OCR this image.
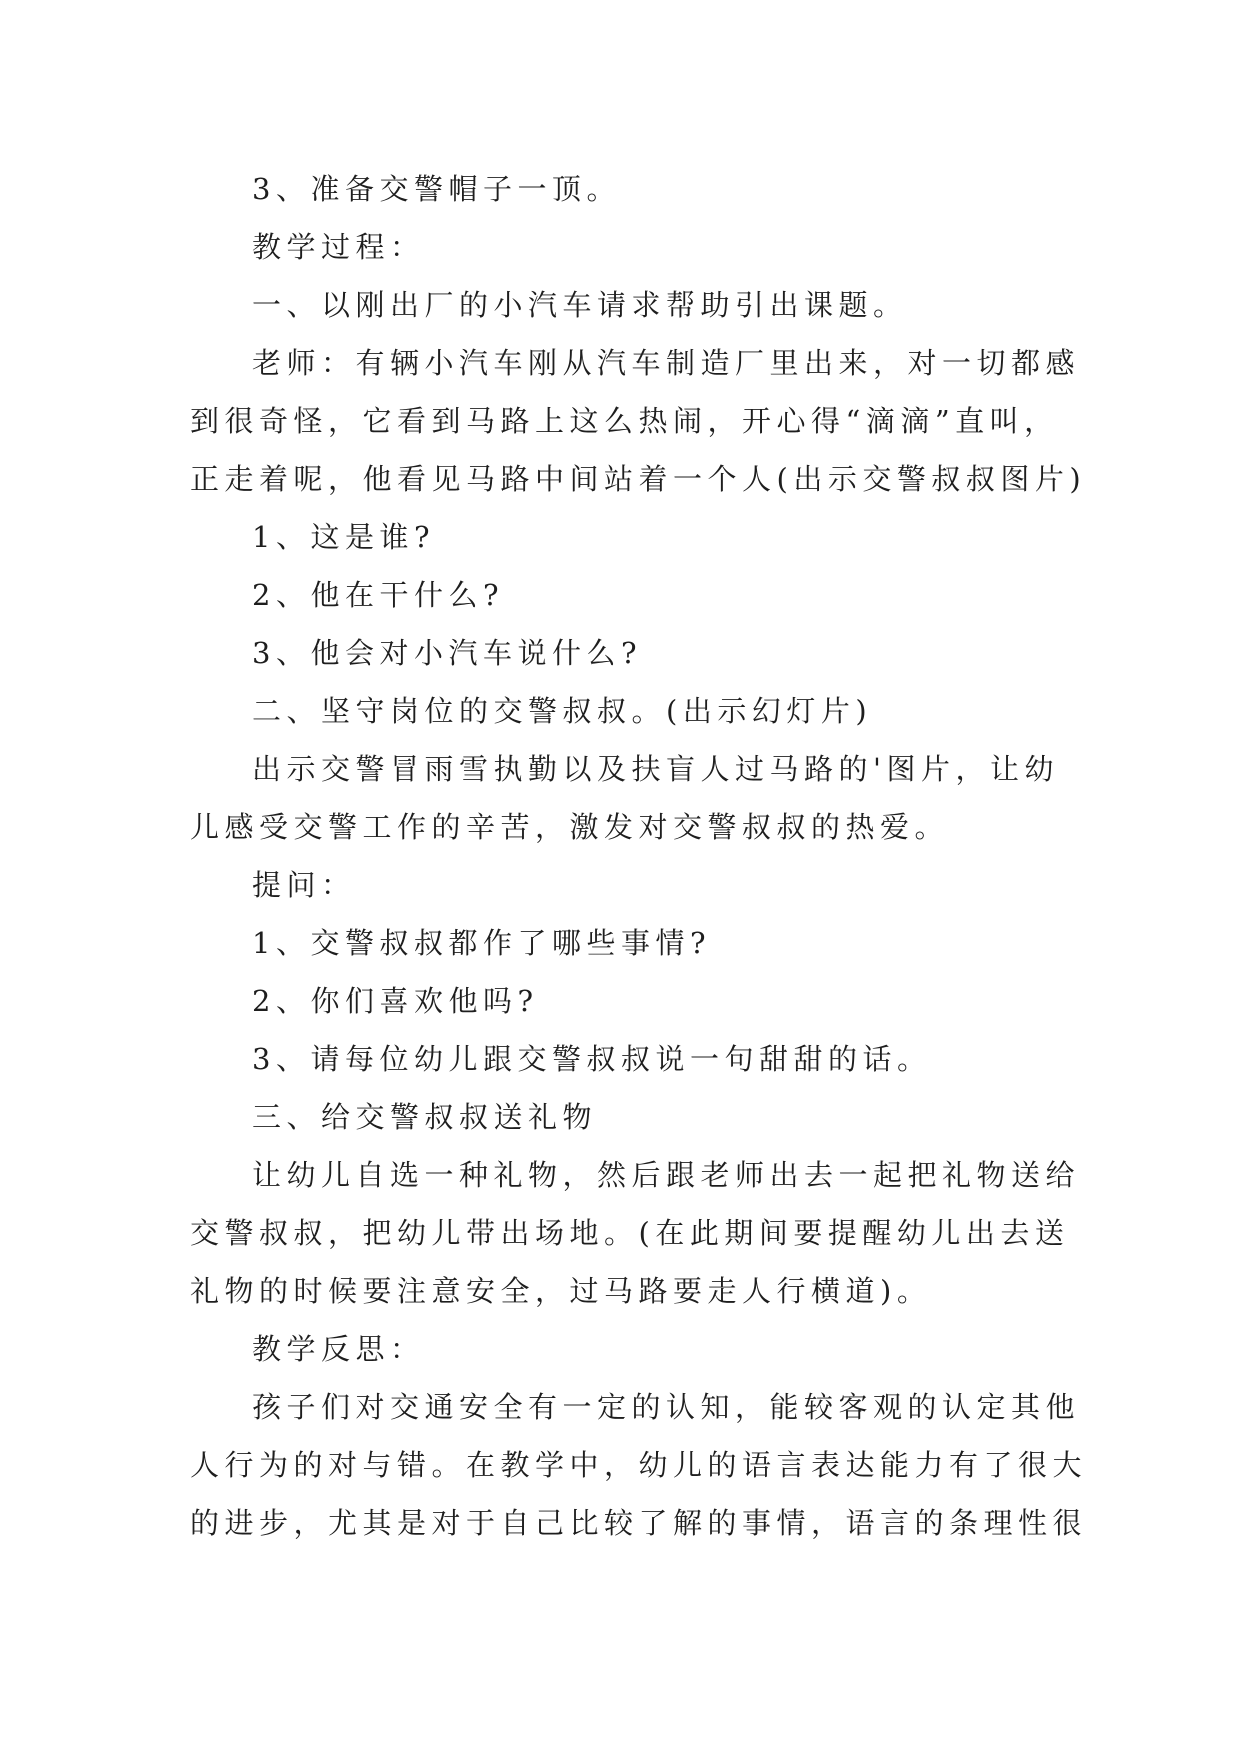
3、准备交警帽子一顶。
教学过程：
一、以刚出厂的小汽车请求帮助引出课题。
老师：有辆小汽车刚从汽车制造厂里出来，对一切都感
到很奇怪，它看到马路上这么热闹，开心得“滴滴”直叫，
正走着呢，他看见马路中间站着一个人(出示交警叔叔图片)
1、这是谁?
2、他在干什么?
3、他会对小汽车说什么?
二、坚守岗位的交警叔叔。(出示幻灯片)
出示交警冒雨雪执勤以及扶盲人过马路的'图片，让幼
儿感受交警工作的辛苦，激发对交警叔叔的热爱。
提问：
1、交警叔叔都作了哪些事情?
2、你们喜欢他吗?
3、请每位幼儿跟交警叔叔说一句甜甜的话。
三、给交警叔叔送礼物
让幼儿自选一种礼物，然后跟老师出去一起把礼物送给
交警叔叔，把幼儿带出场地。(在此期间要提醒幼儿出去送
礼物的时候要注意安全，过马路要走人行横道)。
教学反思：
孩子们对交通安全有一定的认知，能较客观的认定其他
人行为的对与错。在教学中，幼儿的语言表达能力有了很大
的进步，尤其是对于自己比较了解的事情，语言的条理性很
